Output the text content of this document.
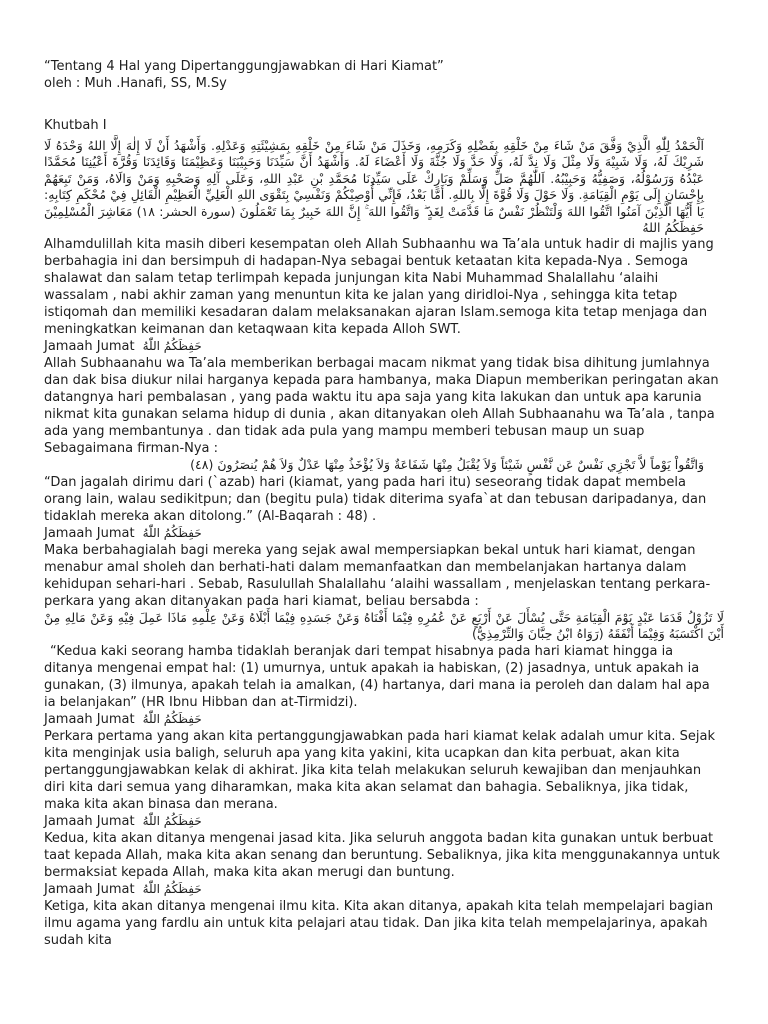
“Tentang 4 Hal yang Dipertanggungjawabkan di Hari Kiamat”

oleh : Muh .Hanafi, SS, M.Sy

Khutbah I

اَلْحَمْدُ لِلّٰهِ الَّذِيْ وَفَّقَ مَنْ شَاءَ مِنْ خَلْقِهِ بِفَضْلِهِ وَكَرَمِهِ، وَخَذَلَ مَنْ شَاءَ مِنْ خَلْقِهِ بِمَشِيْئَتِهِ وَعَدْلِهِ. وَأَشْهَدُ أَنْ لَا إِلٰهَ إِلَّا اللهُ وَحْدَهُ لَا شَرِيْكَ لَهُ، وَلَا شَبِيْهَ وَلَا مِثْلَ وَلَا نِدَّ لَهُ، وَلَا حَدَّ وَلَا جُثَّةَ وَلَا أَعْضَاءَ لَهُ. وَأَشْهَدُ أَنَّ سَيِّدَنَا وَحَبِيْبَنَا وَعَظِيْمَنَا وَقَائِدَنَا وَقُرَّةَ أَعْيُنِنَا مُحَمَّدًا عَبْدُهُ وَرَسُوْلُهُ، وَصَفِيُّهُ وَحَبِيْبُهُ. اَللّٰهُمَّ صَلِّ وَسَلِّمْ وَبَارِكْ عَلَى سَيِّدِنَا مُحَمَّدِ بْنِ عَبْدِ اللهِ، وَعَلَى آلِهِ وَصَحْبِهِ وَمَنْ وَالَاهُ، وَمَنْ تَبِعَهُمْ بِإِحْسَانٍ إِلَى يَوْمِ الْقِيَامَةِ. وَلَا حَوْلَ وَلَا قُوَّةَ إِلَّا بِاللهِ. أَمَّا بَعْدُ، فَإِنِّي أُوْصِيْكُمْ وَنَفْسِيْ بِتَقْوَى اللهِ الْعَلِيِّ الْعَظِيْمِ الْقَائِلِ فِيْ مُحْكَمِ كِتَابِهِ: يَا أَيُّهَا الَّذِيْنَ آمَنُوا اتَّقُوا اللهَ وَلْتَنْظُرْ نَفْسٌ مَا قَدَّمَتْ لِغَدٍ ۖ وَاتَّقُوا اللهَ ۚ إِنَّ اللهَ خَبِيرٌ بِمَا تَعْمَلُونَ (سورة الحشر: ١٨) مَعَاشِرَ الْمُسْلِمِيْنَ حَفِظَكُمُ اللهُ

Alhamdulillah kita masih diberi kesempatan oleh Allah Subhaanhu wa Ta’ala untuk hadir di majlis yang berbahagia ini dan bersimpuh di hadapan-Nya sebagai bentuk ketaatan kita kepada-Nya . Semoga shalawat dan salam tetap terlimpah kepada junjungan kita Nabi Muhammad Shalallahu ‘alaihi wassalam , nabi akhir zaman yang menuntun kita ke jalan yang diridloi-Nya , sehingga kita tetap istiqomah dan memiliki kesadaran dalam melaksanakan ajaran Islam.semoga kita tetap menjaga dan meningkatkan keimanan dan ketaqwaan kita kepada Alloh SWT.

Jamaah Jumat حَفِظَكُمُ اللّٰهُ

Allah Subhaanahu wa Ta’ala memberikan berbagai macam nikmat yang tidak bisa dihitung jumlahnya dan dak bisa diukur nilai harganya kepada para hambanya, maka Diapun memberikan peringatan akan datangnya hari pembalasan , yang pada waktu itu apa saja yang kita lakukan dan untuk apa karunia nikmat kita gunakan selama hidup di dunia , akan ditanyakan oleh Allah Subhaanahu wa Ta’ala , tanpa ada yang membantunya . dan tidak ada pula yang mampu memberi tebusan maup un suap Sebagaimana firman-Nya :

وَاتَّقُواْ يَوْماً لاَّ تَجْزِي نَفْسٌ عَن نَّفْسٍ شَيْئاً وَلاَ يُقْبَلُ مِنْهَا شَفَاعَةٌ وَلاَ يُؤْخَذُ مِنْهَا عَدْلٌ وَلاَ هُمْ يُنصَرُونَ (٤٨)

“Dan jagalah dirimu dari (`azab) hari (kiamat, yang pada hari itu) seseorang tidak dapat membela orang lain, walau sedikitpun; dan (begitu pula) tidak diterima syafa`at dan tebusan daripadanya, dan tidaklah mereka akan ditolong.” (Al-Baqarah : 48) .

Jamaah Jumat حَفِظَكُمُ اللّٰهُ

Maka berbahagialah bagi mereka yang sejak awal mempersiapkan bekal untuk hari kiamat, dengan menabur amal sholeh dan berhati-hati dalam memanfaatkan dan membelanjakan hartanya dalam kehidupan sehari-hari . Sebab, Rasulullah Shalallahu ‘alaihi wassallam , menjelaskan tentang perkara-perkara yang akan ditanyakan pada hari kiamat, beliau bersabda :

لَا تَزُوْلُ قَدَمَا عَبْدٍ يَوْمَ الْقِيَامَةِ حَتَّى يُسْأَلَ عَنْ أَرْبَعٍ عَنْ عُمُرِهِ فِيْمَا أَفْنَاهُ وَعَنْ جَسَدِهِ فِيْمَا أَبْلَاهُ وَعَنْ عِلْمِهِ مَاذَا عَمِلَ فِيْهِ وَعَنْ مَالِهِ مِنْ أَيْنَ اكْتَسَبَهُ وَفِيْمَا أَنْفَقَهُ (رَوَاهُ ابْنُ حِبَّانَ وَالتِّرْمِذِيُّ)

“Kedua kaki seorang hamba tidaklah beranjak dari tempat hisabnya pada hari kiamat hingga ia ditanya mengenai empat hal: (1) umurnya, untuk apakah ia habiskan, (2) jasadnya, untuk apakah ia gunakan, (3) ilmunya, apakah telah ia amalkan, (4) hartanya, dari mana ia peroleh dan dalam hal apa ia belanjakan” (HR Ibnu Hibban dan at-Tirmidzi).

Jamaah Jumat حَفِظَكُمُ اللّٰهُ

Perkara pertama yang akan kita pertanggungjawabkan pada hari kiamat kelak adalah umur kita. Sejak kita menginjak usia baligh, seluruh apa yang kita yakini, kita ucapkan dan kita perbuat, akan kita pertanggungjawabkan kelak di akhirat. Jika kita telah melakukan seluruh kewajiban dan menjauhkan diri kita dari semua yang diharamkan, maka kita akan selamat dan bahagia. Sebaliknya, jika tidak, maka kita akan binasa dan merana.

Jamaah Jumat حَفِظَكُمُ اللّٰهُ

Kedua, kita akan ditanya mengenai jasad kita. Jika seluruh anggota badan kita gunakan untuk berbuat taat kepada Allah, maka kita akan senang dan beruntung. Sebaliknya, jika kita menggunakannya untuk bermaksiat kepada Allah, maka kita akan merugi dan buntung.

Jamaah Jumat حَفِظَكُمُ اللّٰهُ

Ketiga, kita akan ditanya mengenai ilmu kita. Kita akan ditanya, apakah kita telah mempelajari bagian ilmu agama yang fardlu ain untuk kita pelajari atau tidak. Dan jika kita telah mempelajarinya, apakah sudah kita
